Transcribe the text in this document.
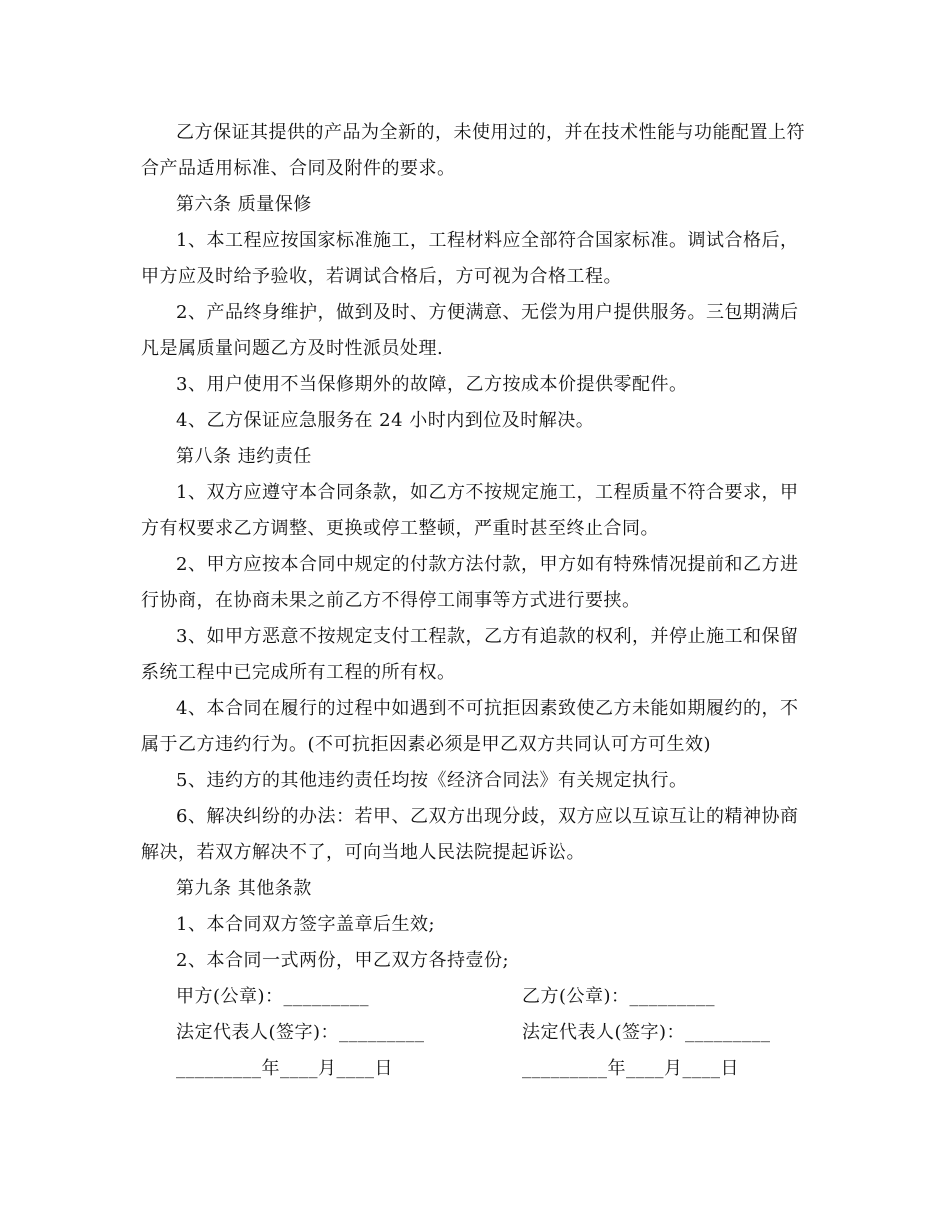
乙方保证其提供的产品为全新的，未使用过的，并在技术性能与功能配置上符
合产品适用标准、合同及附件的要求。
第六条 质量保修
1、本工程应按国家标准施工，工程材料应全部符合国家标准。调试合格后，
甲方应及时给予验收，若调试合格后，方可视为合格工程。
2、产品终身维护，做到及时、方便满意、无偿为用户提供服务。三包期满后
凡是属质量问题乙方及时性派员处理.
3、用户使用不当保修期外的故障，乙方按成本价提供零配件。
4、乙方保证应急服务在 24 小时内到位及时解决。
第八条 违约责任
1、双方应遵守本合同条款，如乙方不按规定施工，工程质量不符合要求，甲
方有权要求乙方调整、更换或停工整顿，严重时甚至终止合同。
2、甲方应按本合同中规定的付款方法付款，甲方如有特殊情况提前和乙方进
行协商，在协商未果之前乙方不得停工闹事等方式进行要挟。
3、如甲方恶意不按规定支付工程款，乙方有追款的权利，并停止施工和保留
系统工程中已完成所有工程的所有权。
4、本合同在履行的过程中如遇到不可抗拒因素致使乙方未能如期履约的，不
属于乙方违约行为。(不可抗拒因素必须是甲乙双方共同认可方可生效)
5、违约方的其他违约责任均按《经济合同法》有关规定执行。
6、解决纠纷的办法：若甲、乙双方出现分歧，双方应以互谅互让的精神协商
解决，若双方解决不了，可向当地人民法院提起诉讼。
第九条 其他条款
1、本合同双方签字盖章后生效;
2、本合同一式两份，甲乙双方各持壹份;
甲方(公章)：_________	乙方(公章)：_________
法定代表人(签字)：_________	法定代表人(签字)：_________
_________年____月____日	_________年____月____日
